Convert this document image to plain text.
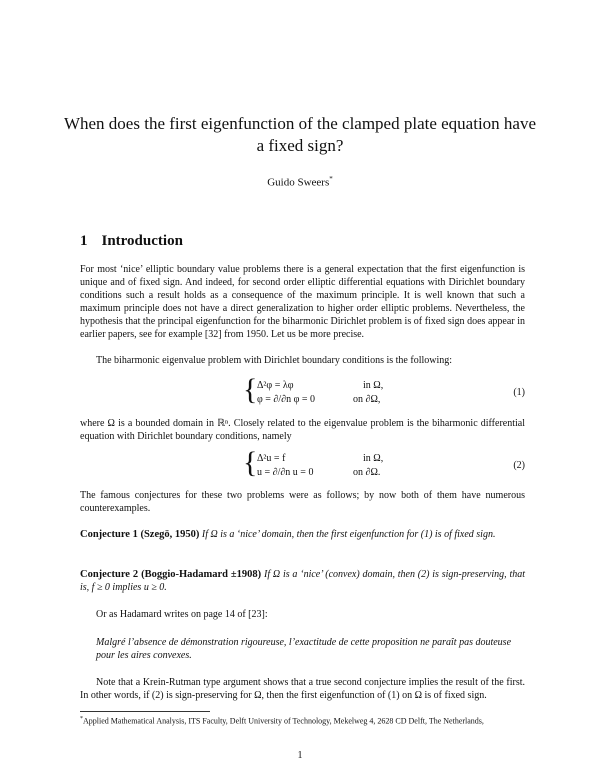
When does the first eigenfunction of the clamped plate equation have a fixed sign?
Guido Sweers*
1 Introduction
For most ‘nice’ elliptic boundary value problems there is a general expectation that the first eigenfunction is unique and of fixed sign. And indeed, for second order elliptic differential equations with Dirichlet boundary conditions such a result holds as a consequence of the maximum principle. It is well known that such a maximum principle does not have a direct generalization to higher order elliptic problems. Nevertheless, the hypothesis that the principal eigenfunction for the biharmonic Dirichlet problem is of fixed sign does appear in earlier papers, see for example [32] from 1950. Let us be more precise.
The biharmonic eigenvalue problem with Dirichlet boundary conditions is the following:
{ Δ²φ = λφ	in Ω,
φ = ∂/∂n φ = 0	on ∂Ω,
(1)
where Ω is a bounded domain in ℝⁿ. Closely related to the eigenvalue problem is the biharmonic differential equation with Dirichlet boundary conditions, namely
{ Δ²u = f	in Ω,
u = ∂/∂n u = 0	on ∂Ω.
(2)
The famous conjectures for these two problems were as follows; by now both of them have numerous counterexamples.
Conjecture 1 (Szegö, 1950) If Ω is a ‘nice’ domain, then the first eigenfunction for (1) is of fixed sign.
Conjecture 2 (Boggio-Hadamard ±1908) If Ω is a ‘nice’ (convex) domain, then (2) is sign-preserving, that is, f ≥ 0 implies u ≥ 0.
Or as Hadamard writes on page 14 of [23]:
Malgré l’absence de démonstration rigoureuse, l’exactitude de cette proposition ne paraît pas douteuse pour les aires convexes.
Note that a Krein-Rutman type argument shows that a true second conjecture implies the result of the first. In other words, if (2) is sign-preserving for Ω, then the first eigenfunction of (1) on Ω is of fixed sign.
*Applied Mathematical Analysis, ITS Faculty, Delft University of Technology, Mekelweg 4, 2628 CD Delft, The Netherlands,
1
